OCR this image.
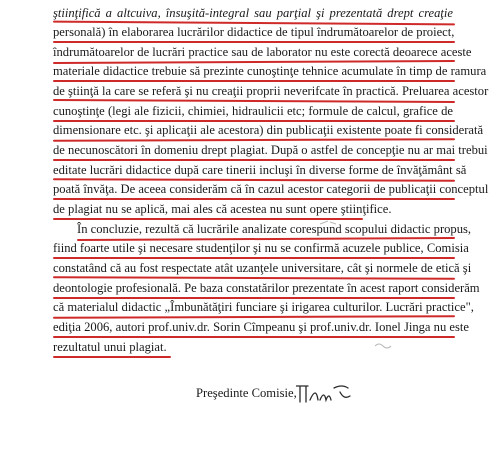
ştiinţifică a altcuiva, însuşită-integral sau parţial şi prezentată drept creaţie
personală) în elaborarea lucrărilor didactice de tipul îndrumătoarelor de proiect,
îndrumătoarelor de lucrări practice sau de laborator nu este corectă deoarece aceste
materiale didactice trebuie să prezinte cunoştinţe tehnice acumulate în timp de ramura
de ştiinţă la care se referă şi nu creaţii proprii neverifcate în practică. Preluarea acestor
cunoştinţe (legi ale fizicii, chimiei, hidraulicii etc; formule de calcul, grafice de
dimensionare etc. şi aplicaţii ale acestora) din publicaţii existente poate fi considerată
de necunoscători în domeniu drept plagiat. După o astfel de concepţie nu ar mai trebui
editate lucrări didactice după care tinerii incluşi în diverse forme de învăţământ să
poată învăţa. De aceea considerăm că în cazul acestor categorii de publicaţii conceptul
de plagiat nu se aplică, mai ales că acestea nu sunt opere ştiinţifice.
În concluzie, rezultă că lucrările analizate corespund scopului didactic propus,
fiind foarte utile şi necesare studenţilor şi nu se confirmă acuzele publice, Comisia
constatând că au fost respectate atât uzanţele universitare, cât şi normele de etică şi
deontologie profesională. Pe baza constatărilor prezentate în acest raport considerăm
că materialul didactic „Îmbunătăţiri funciare şi irigarea culturilor. Lucrări practice",
ediţia 2006, autori prof.univ.dr. Sorin Cîmpeanu şi prof.univ.dr. Ionel Jinga nu este
rezultatul unui plagiat.
Preşedinte Comisie,
